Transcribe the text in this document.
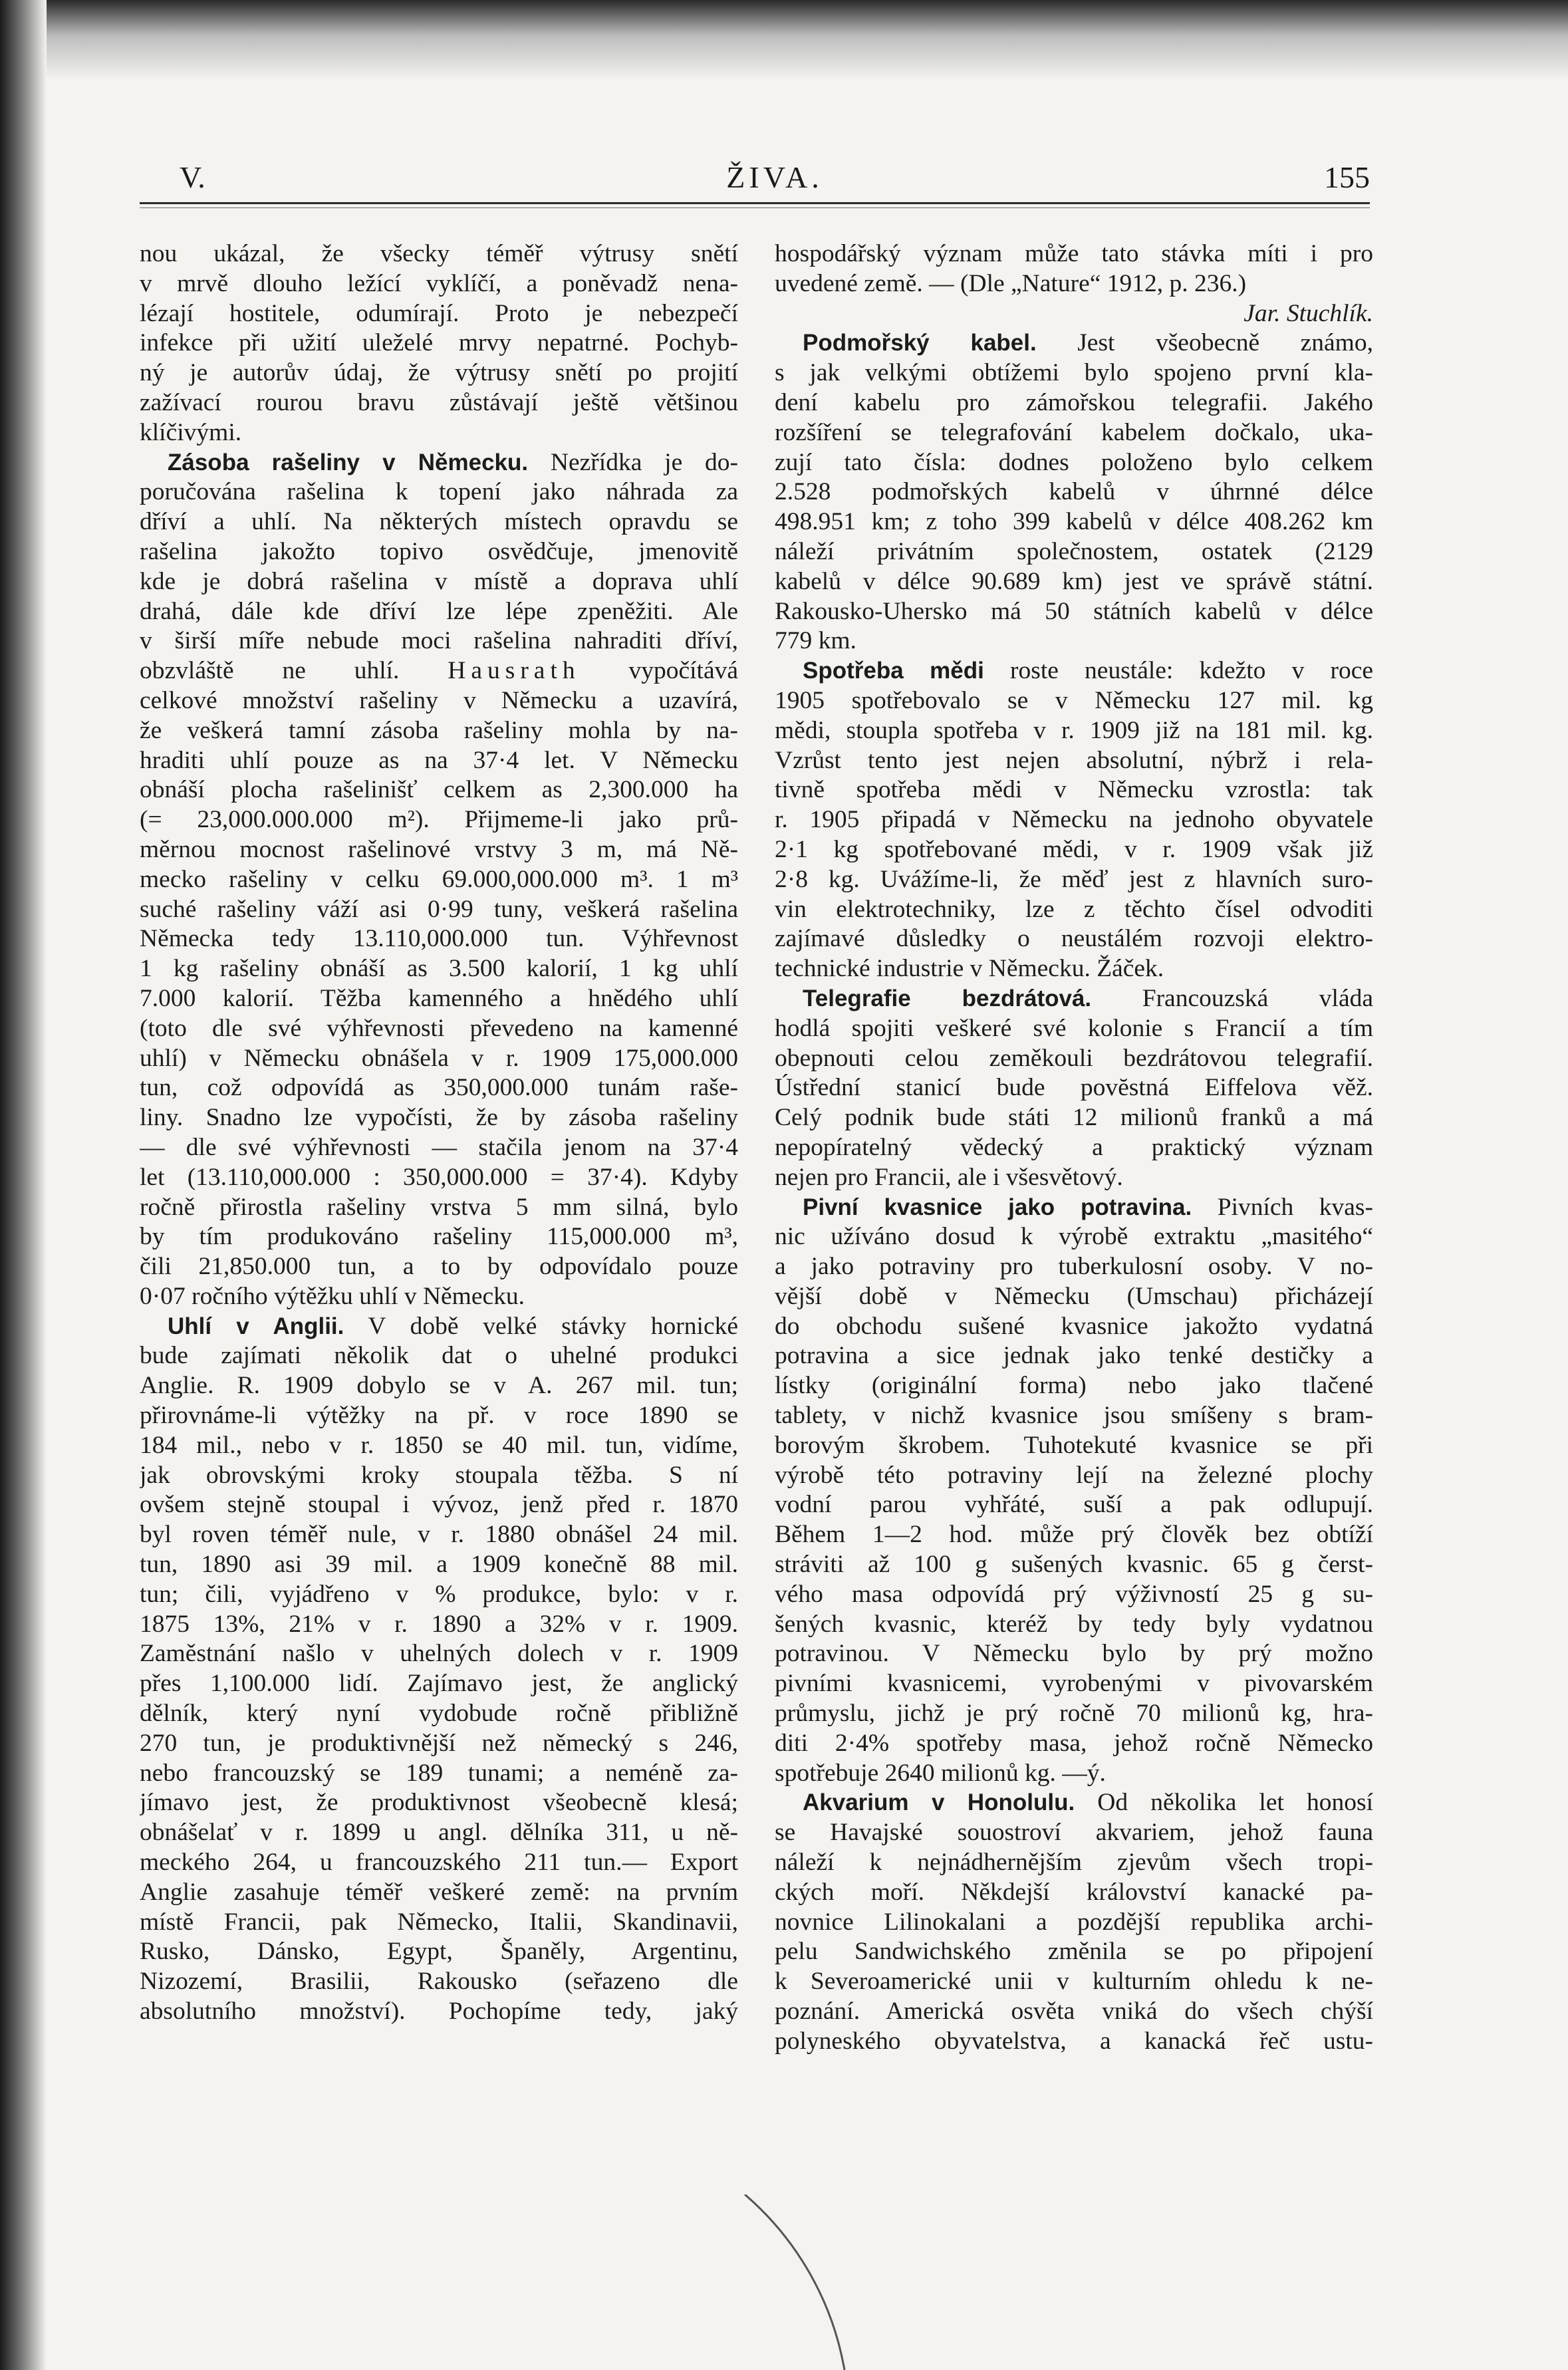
V.	ŽIVA.	155
nou ukázal, že všecky téměř výtrusy snětí
v mrvě dlouho ležící vyklíčí, a poněvadž nena-
lézají hostitele, odumírají. Proto je nebezpečí
infekce při užití uleželé mrvy nepatrné. Pochyb-
ný je autorův údaj, že výtrusy snětí po projití
zažívací rourou bravu zůstávají ještě většinou
klíčivými.
Zásoba rašeliny v Německu. Nezřídka je do-
poručována rašelina k topení jako náhrada za
dříví a uhlí. Na některých místech opravdu se
rašelina jakožto topivo osvědčuje, jmenovitě
kde je dobrá rašelina v místě a doprava uhlí
drahá, dále kde dříví lze lépe zpeněžiti. Ale
v širší míře nebude moci rašelina nahraditi dříví,
obzvláště ne uhlí. Hausrath vypočítává
celkové množství rašeliny v Německu a uzavírá,
že veškerá tamní zásoba rašeliny mohla by na-
hraditi uhlí pouze as na 37·4 let. V Německu
obnáší plocha rašelinišť celkem as 2,300.000 ha
(= 23,000.000.000 m²). Přijmeme-li jako prů-
měrnou mocnost rašelinové vrstvy 3 m, má Ně-
mecko rašeliny v celku 69.000,000.000 m³. 1 m³
suché rašeliny váží asi 0·99 tuny, veškerá rašelina
Německa tedy 13.110,000.000 tun. Výhřevnost
1 kg rašeliny obnáší as 3.500 kalorií, 1 kg uhlí
7.000 kalorií. Těžba kamenného a hnědého uhlí
(toto dle své výhřevnosti převedeno na kamenné
uhlí) v Německu obnášela v r. 1909 175,000.000
tun, což odpovídá as 350,000.000 tunám raše-
liny. Snadno lze vypočísti, že by zásoba rašeliny
— dle své výhřevnosti — stačila jenom na 37·4
let (13.110,000.000 : 350,000.000 = 37·4). Kdyby
ročně přirostla rašeliny vrstva 5 mm silná, bylo
by tím produkováno rašeliny 115,000.000 m³,
čili 21,850.000 tun, a to by odpovídalo pouze
0·07 ročního výtěžku uhlí v Německu.
Uhlí v Anglii. V době velké stávky hornické
bude zajímati několik dat o uhelné produkci
Anglie. R. 1909 dobylo se v A. 267 mil. tun;
přirovnáme-li výtěžky na př. v roce 1890 se
184 mil., nebo v r. 1850 se 40 mil. tun, vidíme,
jak obrovskými kroky stoupala těžba. S ní
ovšem stejně stoupal i vývoz, jenž před r. 1870
byl roven téměř nule, v r. 1880 obnášel 24 mil.
tun, 1890 asi 39 mil. a 1909 konečně 88 mil.
tun; čili, vyjádřeno v % produkce, bylo: v r.
1875 13%, 21% v r. 1890 a 32% v r. 1909.
Zaměstnání našlo v uhelných dolech v r. 1909
přes 1,100.000 lidí. Zajímavo jest, že anglický
dělník, který nyní vydobude ročně přibližně
270 tun, je produktivnější než německý s 246,
nebo francouzský se 189 tunami; a neméně za-
jímavo jest, že produktivnost všeobecně klesá;
obnášelať v r. 1899 u angl. dělníka 311, u ně-
meckého 264, u francouzského 211 tun.— Export
Anglie zasahuje téměř veškeré země: na prvním
místě Francii, pak Německo, Italii, Skandinavii,
Rusko, Dánsko, Egypt, Španěly, Argentinu,
Nizozemí, Brasilii, Rakousko (seřazeno dle
absolutního množství). Pochopíme tedy, jaký
hospodářský význam může tato stávka míti i pro
uvedené země. — (Dle „Nature“ 1912, p. 236.)
Jar. Stuchlík.
Podmořský kabel. Jest všeobecně známo,
s jak velkými obtížemi bylo spojeno první kla-
dení kabelu pro zámořskou telegrafii. Jakého
rozšíření se telegrafování kabelem dočkalo, uka-
zují tato čísla: dodnes položeno bylo celkem
2.528 podmořských kabelů v úhrnné délce
498.951 km; z toho 399 kabelů v délce 408.262 km
náleží privátním společnostem, ostatek (2129
kabelů v délce 90.689 km) jest ve správě státní.
Rakousko-Uhersko má 50 státních kabelů v délce
779 km.
Spotřeba mědi roste neustále: kdežto v roce
1905 spotřebovalo se v Německu 127 mil. kg
mědi, stoupla spotřeba v r. 1909 již na 181 mil. kg.
Vzrůst tento jest nejen absolutní, nýbrž i rela-
tivně spotřeba mědi v Německu vzrostla: tak
r. 1905 připadá v Německu na jednoho obyvatele
2·1 kg spotřebované mědi, v r. 1909 však již
2·8 kg. Uvážíme-li, že měď jest z hlavních suro-
vin elektrotechniky, lze z těchto čísel odvoditi
zajímavé důsledky o neustálém rozvoji elektro-
technické industrie v Německu. Žáček.
Telegrafie bezdrátová. Francouzská vláda
hodlá spojiti veškeré své kolonie s Francií a tím
obepnouti celou zeměkouli bezdrátovou telegrafií.
Ústřední stanicí bude povĕstná Eiffelova věž.
Celý podnik bude státi 12 milionů franků a má
nepopíratelný vědecký a praktický význam
nejen pro Francii, ale i všesvětový.
Pivní kvasnice jako potravina. Pivních kvas-
nic užíváno dosud k výrobě extraktu „masitého“
a jako potraviny pro tuberkulosní osoby. V no-
vější době v Německu (Umschau) přicházejí
do obchodu sušené kvasnice jakožto vydatná
potravina a sice jednak jako tenké destičky a
lístky (originální forma) nebo jako tlačené
tablety, v nichž kvasnice jsou smíšeny s bram-
borovým škrobem. Tuhotekuté kvasnice se při
výrobě této potraviny lejí na železné plochy
vodní parou vyhřáté, suší a pak odlupují.
Během 1—2 hod. může prý člověk bez obtíží
stráviti až 100 g sušených kvasnic. 65 g čerst-
vého masa odpovídá prý výživností 25 g su-
šených kvasnic, kteréž by tedy byly vydatnou
potravinou. V Německu bylo by prý možno
pivními kvasnicemi, vyrobenými v pivovarském
průmyslu, jichž je prý ročně 70 milionů kg, hra-
diti 2·4% spotřeby masa, jehož ročně Německo
spotřebuje 2640 milionů kg. —ý.
Akvarium v Honolulu. Od několika let honosí
se Havajské souostroví akvariem, jehož fauna
náleží k nejnádhernějším zjevům všech tropi-
ckých moří. Někdejší království kanacké pa-
novnice Lilinokalani a pozdější republika archi-
pelu Sandwichského změnila se po připojení
k Severoamerické unii v kulturním ohledu k ne-
poznání. Americká osvěta vniká do všech chýší
polyneského obyvatelstva, a kanacká řeč ustu-
